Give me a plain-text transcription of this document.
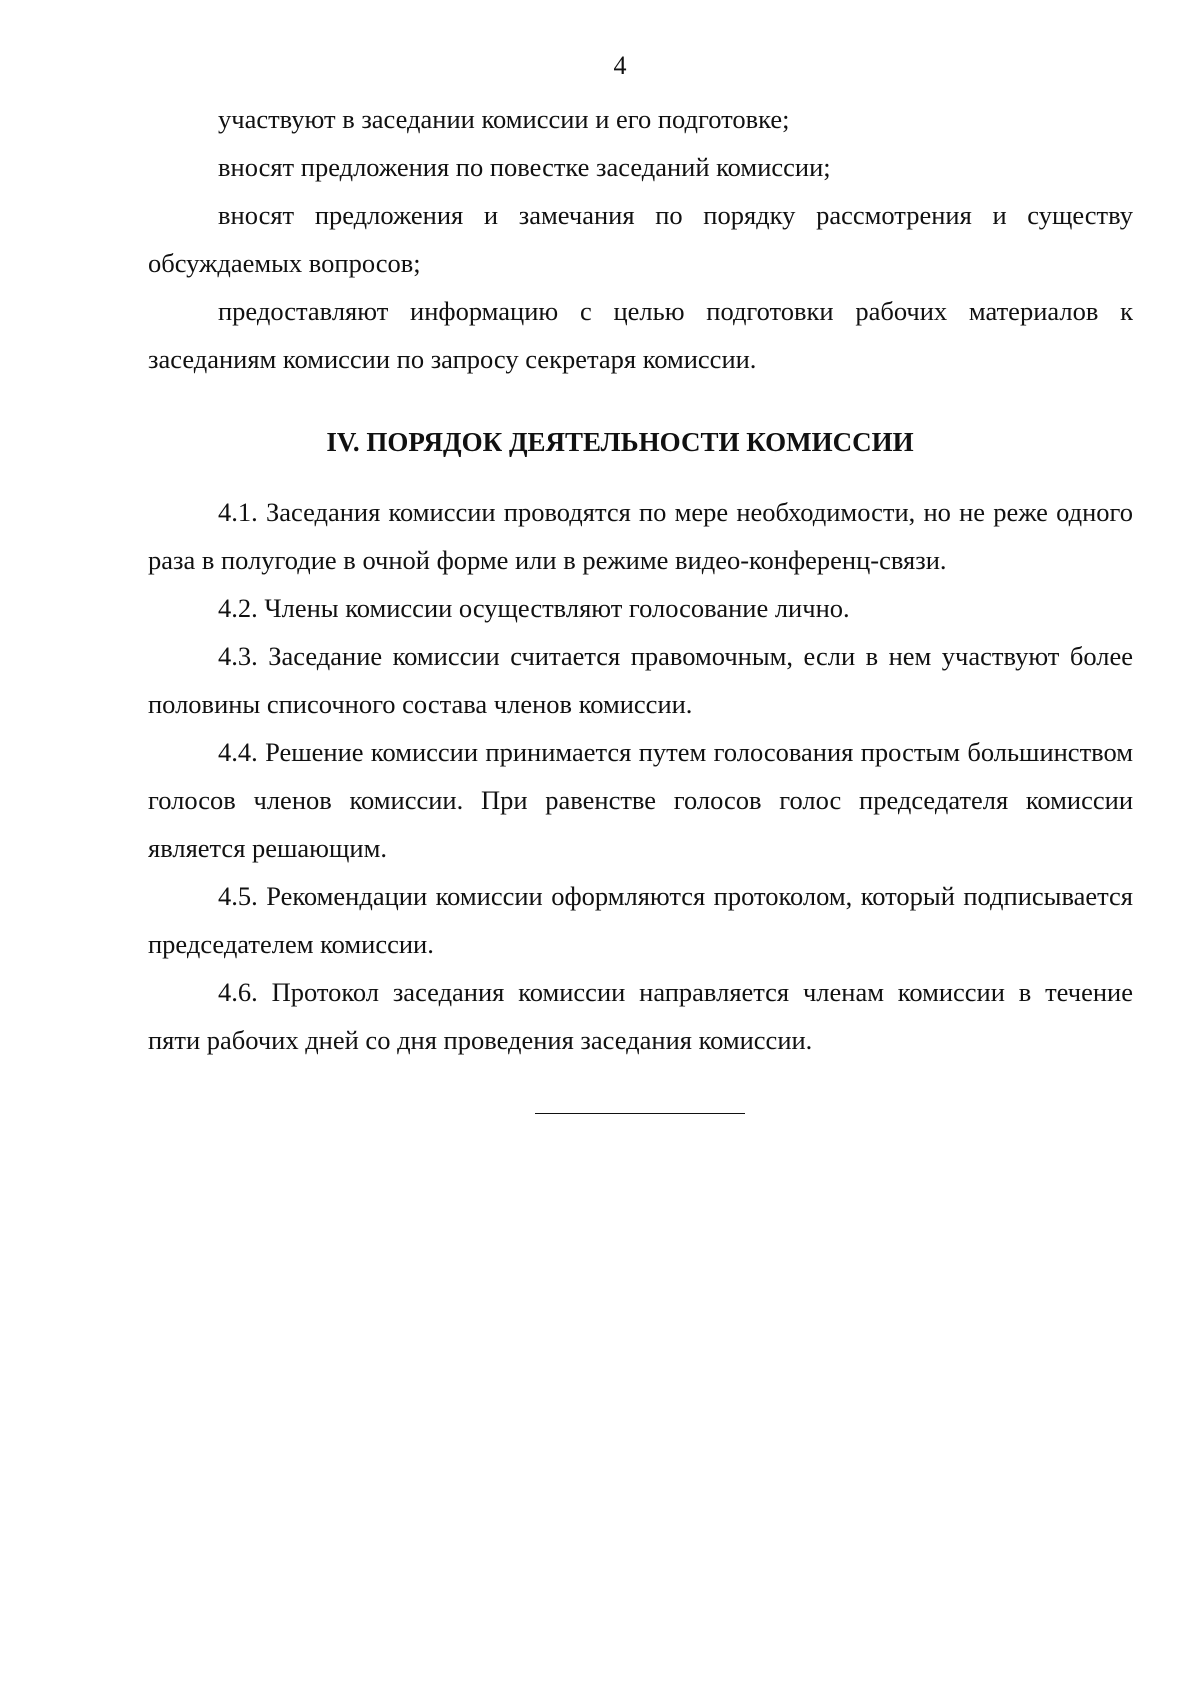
4

участвуют в заседании комиссии и его подготовке;

вносят предложения по повестке заседаний комиссии;

вносят предложения и замечания по порядку рассмотрения и существу обсуждаемых вопросов;

предоставляют информацию с целью подготовки рабочих материалов к заседаниям комиссии по запросу секретаря комиссии.

IV. ПОРЯДОК ДЕЯТЕЛЬНОСТИ КОМИССИИ

4.1. Заседания комиссии проводятся по мере необходимости, но не реже одного раза в полугодие в очной форме или в режиме видео-конференц-связи.

4.2. Члены комиссии осуществляют голосование лично.

4.3. Заседание комиссии считается правомочным, если в нем участвуют более половины списочного состава членов комиссии.

4.4. Решение комиссии принимается путем голосования простым большинством голосов членов комиссии. При равенстве голосов голос председателя комиссии является решающим.

4.5. Рекомендации комиссии оформляются протоколом, который подписывается председателем комиссии.

4.6. Протокол заседания комиссии направляется членам комиссии в течение пяти рабочих дней со дня проведения заседания комиссии.
